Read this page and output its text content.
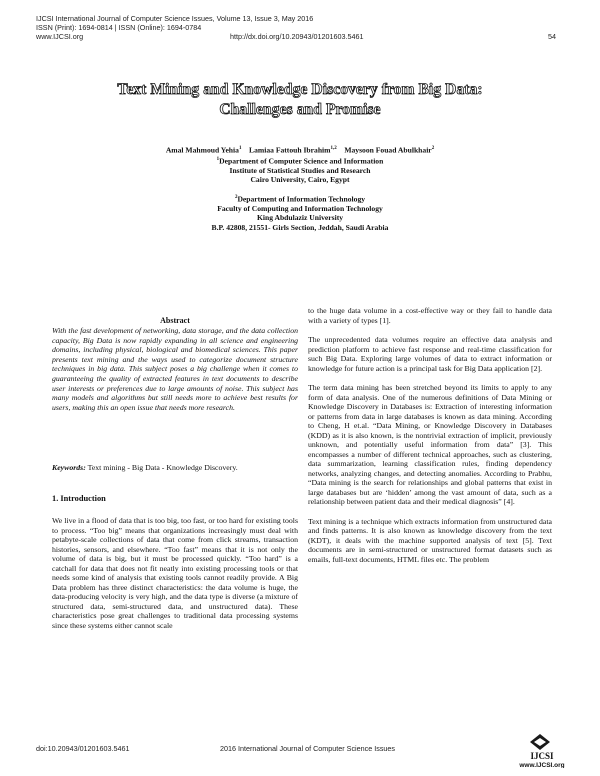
IJCSI International Journal of Computer Science Issues, Volume 13, Issue 3, May 2016
ISSN (Print): 1694-0814 | ISSN (Online): 1694-0784
www.IJCSI.org	http://dx.doi.org/10.20943/01201603.5461	54
Text Mining and Knowledge Discovery from Big Data:
Challenges and Promise
Amal Mahmoud Yehia$^1$ Lamiaa Fattouh Ibrahim$^{1,2}$ Maysoon Fouad Abulkhair$^2$
$^1$Department of Computer Science and Information
Institute of Statistical Studies and Research
Cairo University, Cairo, Egypt
$^2$Department of Information Technology
Faculty of Computing and Information Technology
King Abdulaziz University
B.P. 42808, 21551- Girls Section, Jeddah, Saudi Arabia
Abstract
With the fast development of networking, data storage, and the data collection capacity, Big Data is now rapidly expanding in all science and engineering domains, including physical, biological and biomedical sciences. This paper presents text mining and the ways used to categorize document structure techniques in big data. This subject poses a big challenge when it comes to guaranteeing the quality of extracted features in text documents to describe user interests or preferences due to large amounts of noise. This subject has many models and algorithms but still needs more to achieve best results for users, making this an open issue that needs more research.
Keywords: Text mining - Big Data - Knowledge Discovery.
1. Introduction

We live in a flood of data that is too big, too fast, or too hard for existing tools to process. “Too big” means that organizations increasingly must deal with petabyte-scale collections of data that come from click streams, transaction histories, sensors, and elsewhere. “Too fast” means that it is not only the volume of data is big, but it must be processed quickly. “Too hard” is a catchall for data that does not fit neatly into existing processing tools or that needs some kind of analysis that existing tools cannot readily provide. A Big Data problem has three distinct characteristics: the data volume is huge, the data-producing velocity is very high, and the data type is diverse (a mixture of structured data, semi-structured data, and unstructured data). These characteristics pose great challenges to traditional data processing systems since these systems either cannot scale

to the huge data volume in a cost-effective way or they fail to handle data with a variety of types [1].

The unprecedented data volumes require an effective data analysis and prediction platform to achieve fast response and real-time classification for such Big Data. Exploring large volumes of data to extract information or knowledge for future action is a principal task for Big Data application [2].

The term data mining has been stretched beyond its limits to apply to any form of data analysis. One of the numerous definitions of Data Mining or Knowledge Discovery in Databases is: Extraction of interesting information or patterns from data in large databases is known as data mining. According to Cheng, H et.al. “Data Mining, or Knowledge Discovery in Databases (KDD) as it is also known, is the nontrivial extraction of implicit, previously unknown, and potentially useful information from data” [3]. This encompasses a number of different technical approaches, such as clustering, data summarization, learning classification rules, finding dependency networks, analyzing changes, and detecting anomalies. According to Prabhu, “Data mining is the search for relationships and global patterns that exist in large databases but are ‘hidden’ among the vast amount of data, such as a relationship between patient data and their medical diagnosis” [4].

Text mining is a technique which extracts information from unstructured data and finds patterns. It is also known as knowledge discovery from the text (KDT), it deals with the machine supported analysis of text [5]. Text documents are in semi-structured or unstructured format datasets such as emails, full-text documents, HTML files etc. The problem

doi:10.20943/01201603.5461	2016 International Journal of Computer Science Issues
IJCSI
www.IJCSI.org
